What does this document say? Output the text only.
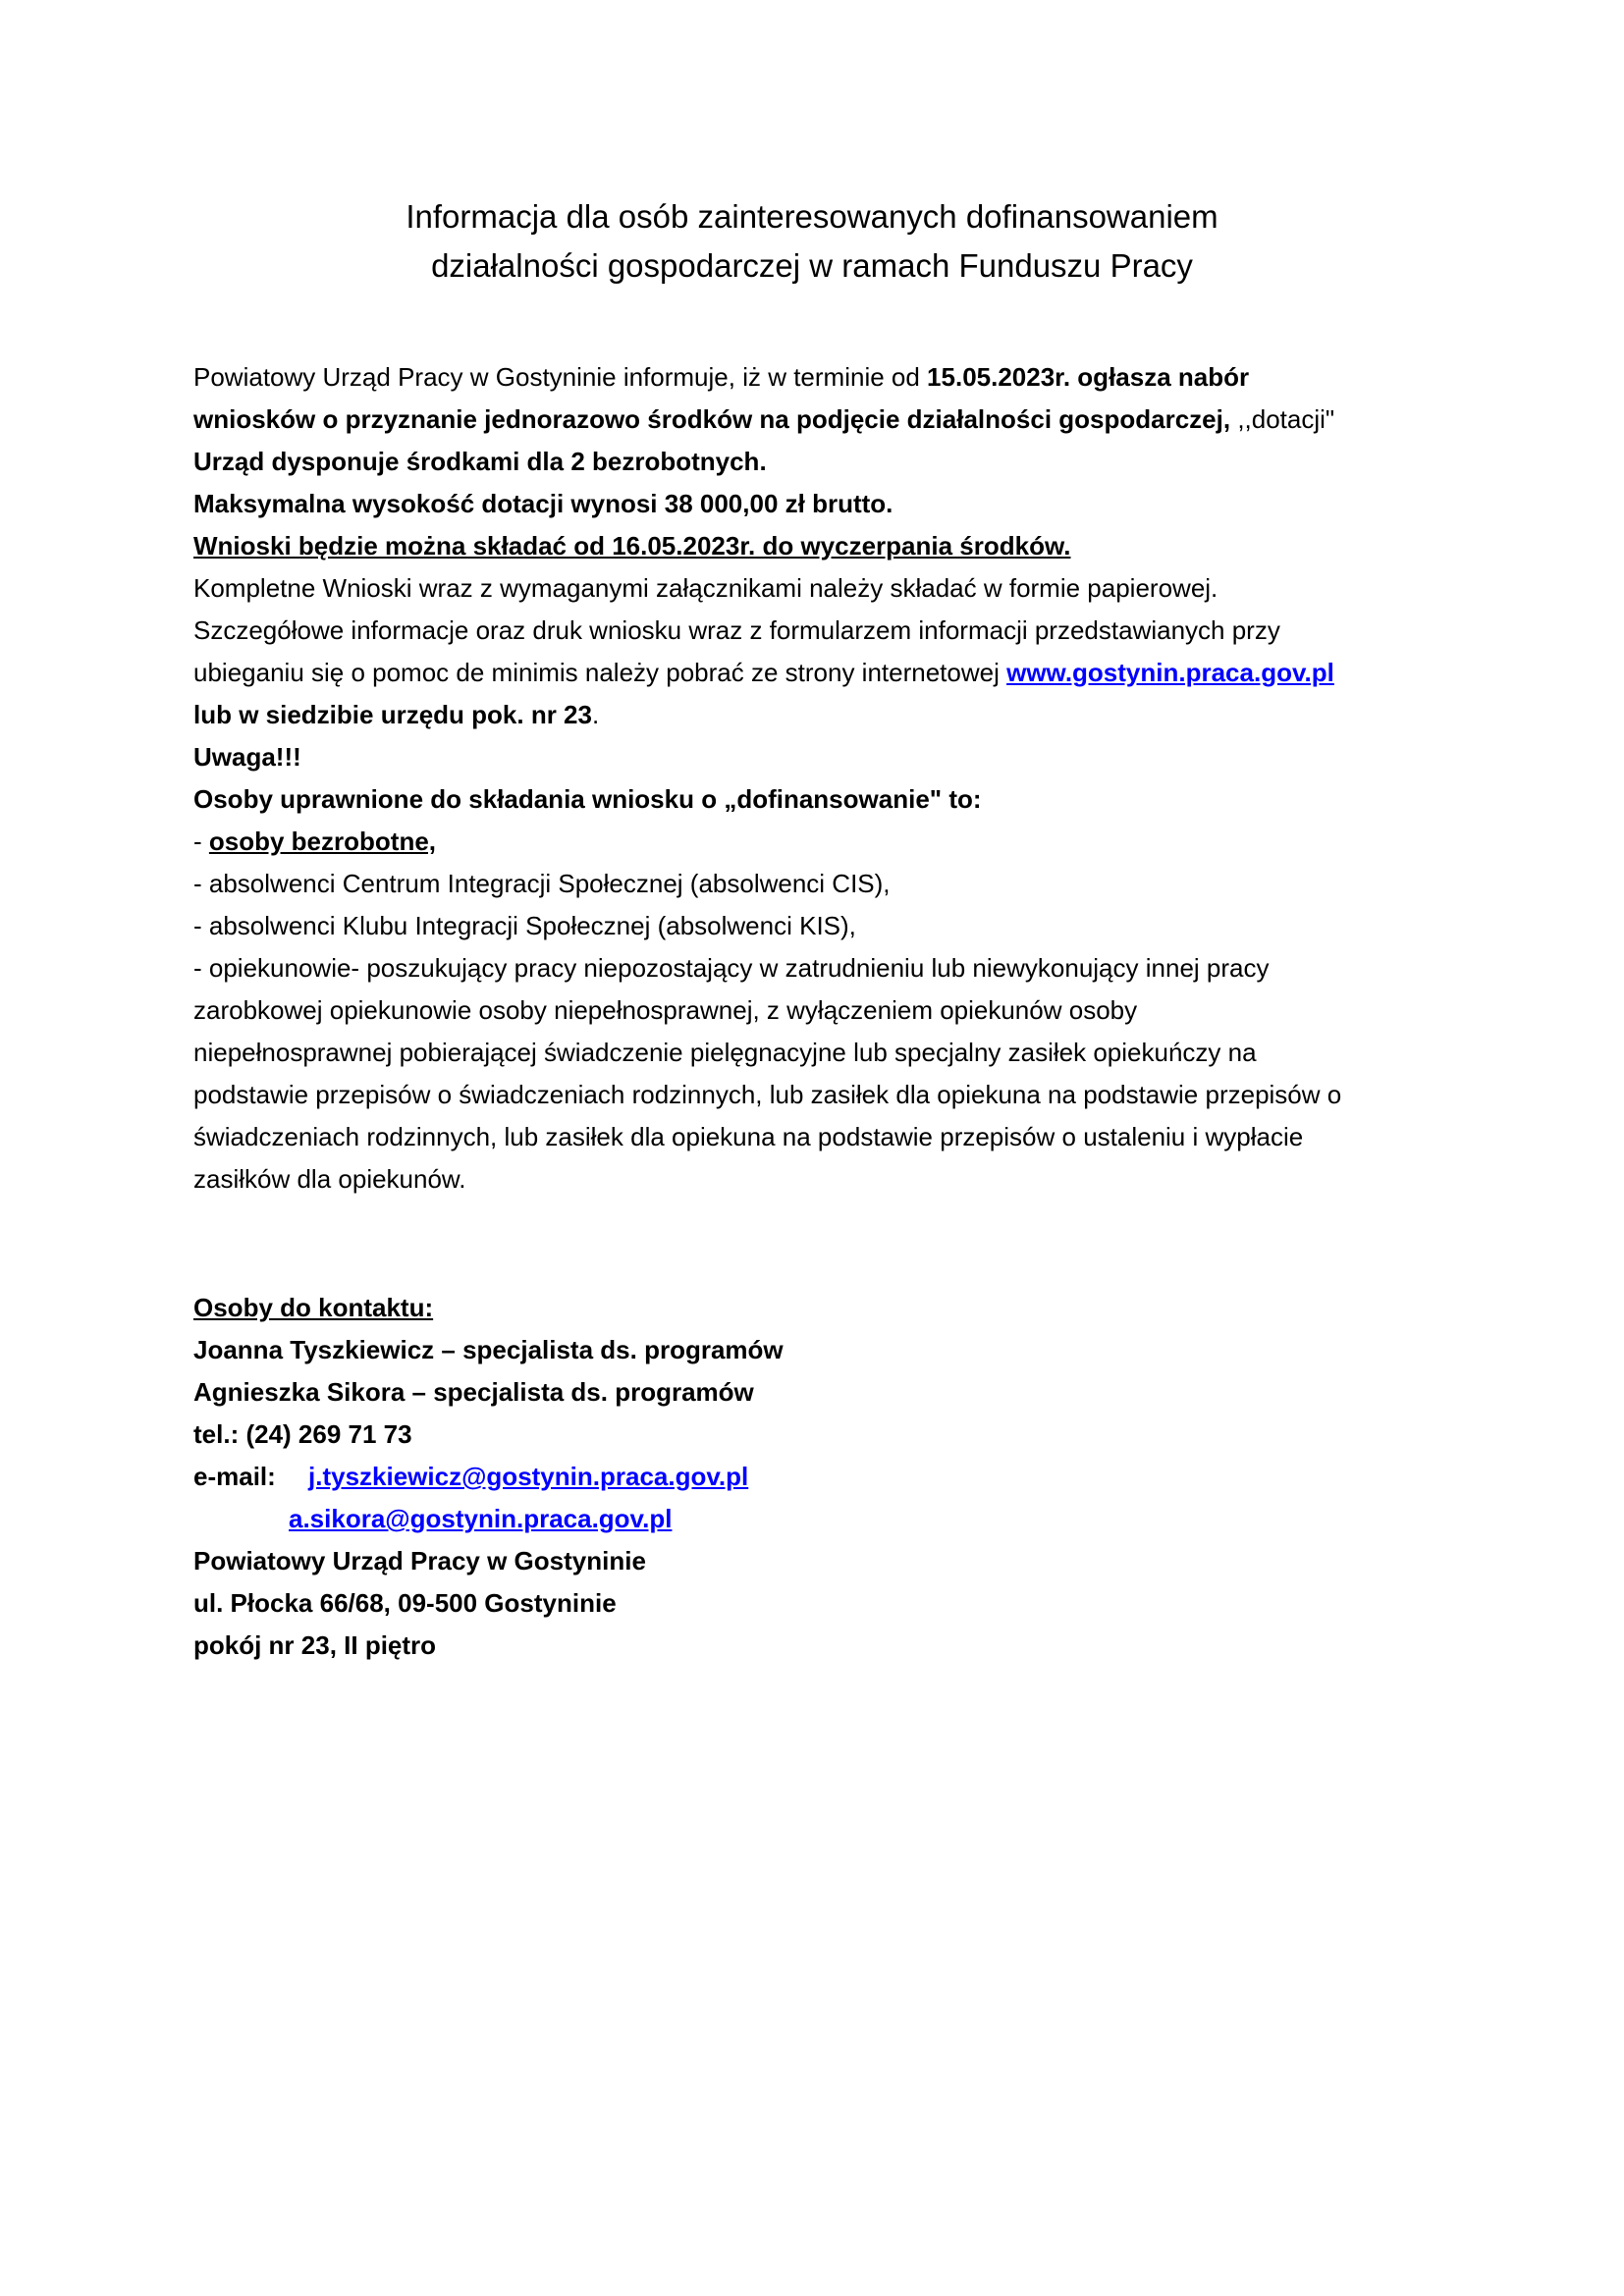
Informacja dla osób zainteresowanych dofinansowaniem
działalności gospodarczej w ramach Funduszu Pracy
Powiatowy Urząd Pracy w Gostyninie informuje, iż w terminie od 15.05.2023r. ogłasza nabór
wniosków o przyznanie jednorazowo środków na podjęcie działalności gospodarczej, ,,dotacji"
Urząd dysponuje środkami dla 2 bezrobotnych.
Maksymalna wysokość dotacji wynosi 38 000,00 zł brutto.
Wnioski będzie można składać od 16.05.2023r. do wyczerpania środków.
Kompletne Wnioski wraz z wymaganymi załącznikami należy składać w formie papierowej.
Szczegółowe informacje oraz druk wniosku wraz z formularzem informacji przedstawianych przy
ubieganiu się o pomoc de minimis należy pobrać ze strony internetowej www.gostynin.praca.gov.pl
lub w siedzibie urzędu pok. nr 23.
Uwaga!!!
Osoby uprawnione do składania wniosku o „dofinansowanie" to:
- osoby bezrobotne,
- absolwenci Centrum Integracji Społecznej (absolwenci CIS),
- absolwenci Klubu Integracji Społecznej (absolwenci KIS),
- opiekunowie- poszukujący pracy niepozostający w zatrudnieniu lub niewykonujący innej pracy
zarobkowej opiekunowie osoby niepełnosprawnej, z wyłączeniem opiekunów osoby
niepełnosprawnej pobierającej świadczenie pielęgnacyjne lub specjalny zasiłek opiekuńczy na
podstawie przepisów o świadczeniach rodzinnych, lub zasiłek dla opiekuna na podstawie przepisów o
świadczeniach rodzinnych, lub zasiłek dla opiekuna na podstawie przepisów o ustaleniu i wypłacie
zasiłków dla opiekunów.
Osoby do kontaktu:
Joanna Tyszkiewicz – specjalista ds. programów
Agnieszka Sikora – specjalista ds. programów
tel.: (24) 269 71 73
e-mail: j.tyszkiewicz@gostynin.praca.gov.pl
a.sikora@gostynin.praca.gov.pl
Powiatowy Urząd Pracy w Gostyninie
ul. Płocka 66/68, 09-500 Gostyninie
pokój nr 23, II piętro
